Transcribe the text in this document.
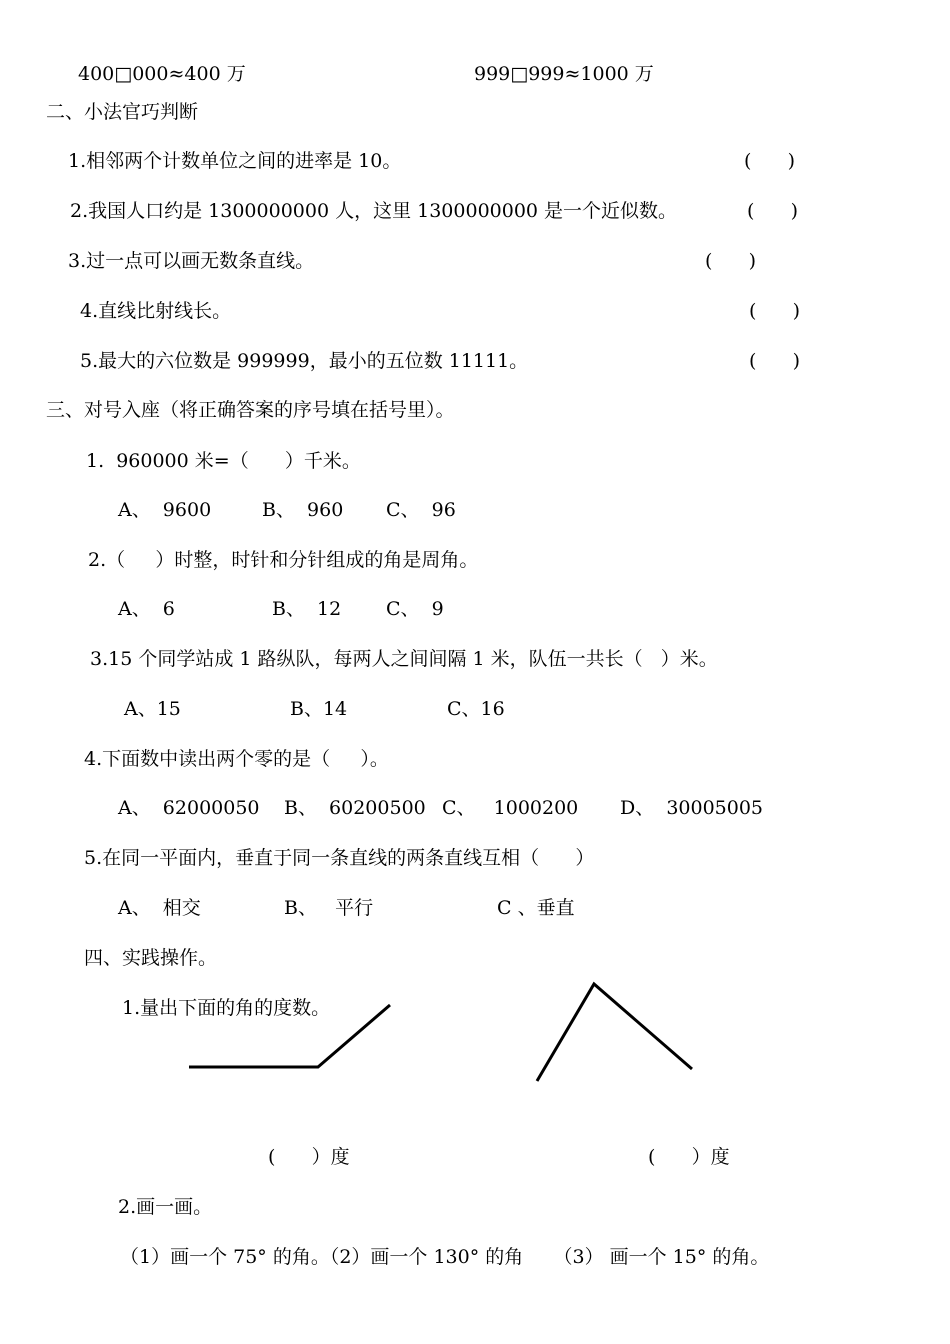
400□000≈400 万	999□999≈1000 万
二、小法官巧判断
1.相邻两个计数单位之间的进率是 10。	(      )
2.我国人口约是 1300000000 人，这里 1300000000 是一个近似数。	(      )
3.过一点可以画无数条直线。	(      )
4.直线比射线长。	(      )
5.最大的六位数是 999999，最小的五位数 11111。	(      )
三、对号入座（将正确答案的序号填在括号里）。
1.  960000 米=（      ）千米。
A、  9600	B、  960 C、  96
2.（     ）时整，时针和分针组成的角是周角。
A、  6	B、  12 C、  9
3.15 个同学站成 1 路纵队，每两人之间间隔 1 米，队伍一共长（   ）米。
A、15	B、14	C、16
4.下面数中读出两个零的是（     ）。
A、  62000050 B、  60200500 C、   1000200 D、  30005005
5.在同一平面内，垂直于同一条直线的两条直线互相（      ）
A、  相交	B、   平行	C 、垂直
四、实践操作。
1.量出下面的角的度数。
(      ）度	(      ）度
2.画一画。
（1）画一个 75° 的角。（2）画一个 130° 的角     （3） 画一个 15° 的角。
